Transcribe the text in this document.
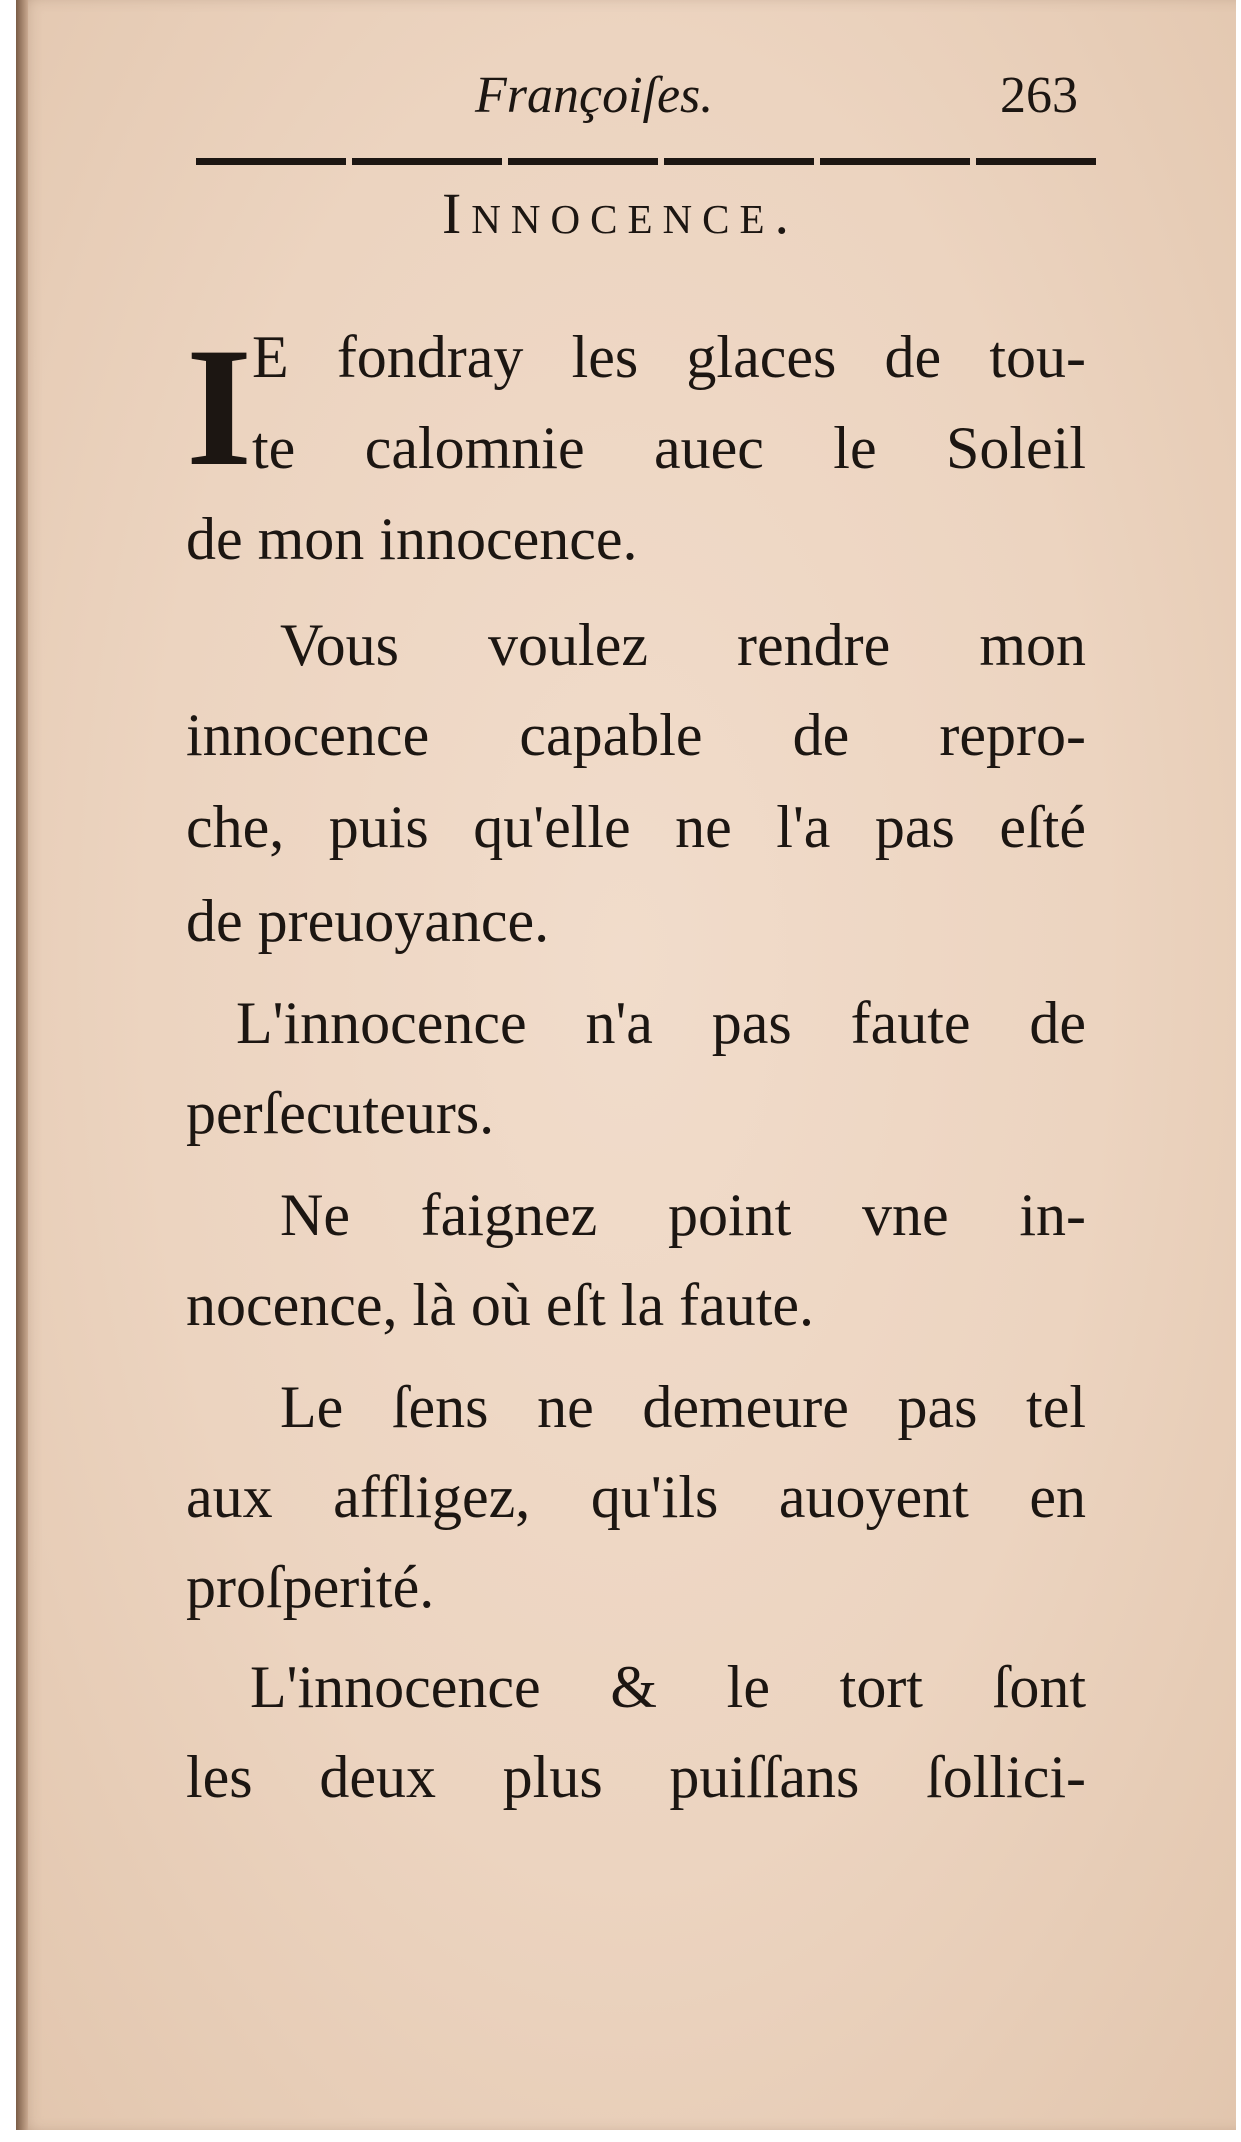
Françoiſes.	263
Innocence.
I E fondray les glaces de tou-
te calomnie auec le Soleil
de mon innocence.
Vous voulez rendre mon
innocence capable de repro-
che, puis qu'elle ne l'a pas eſté
de preuoyance.
L'innocence n'a pas faute de
perſecuteurs.
Ne faignez point vne in-
nocence, là où eſt la faute.
Le ſens ne demeure pas tel
aux affligez, qu'ils auoyent en
proſperité.
L'innocence & le tort ſont
les deux plus puiſſans ſollici-
